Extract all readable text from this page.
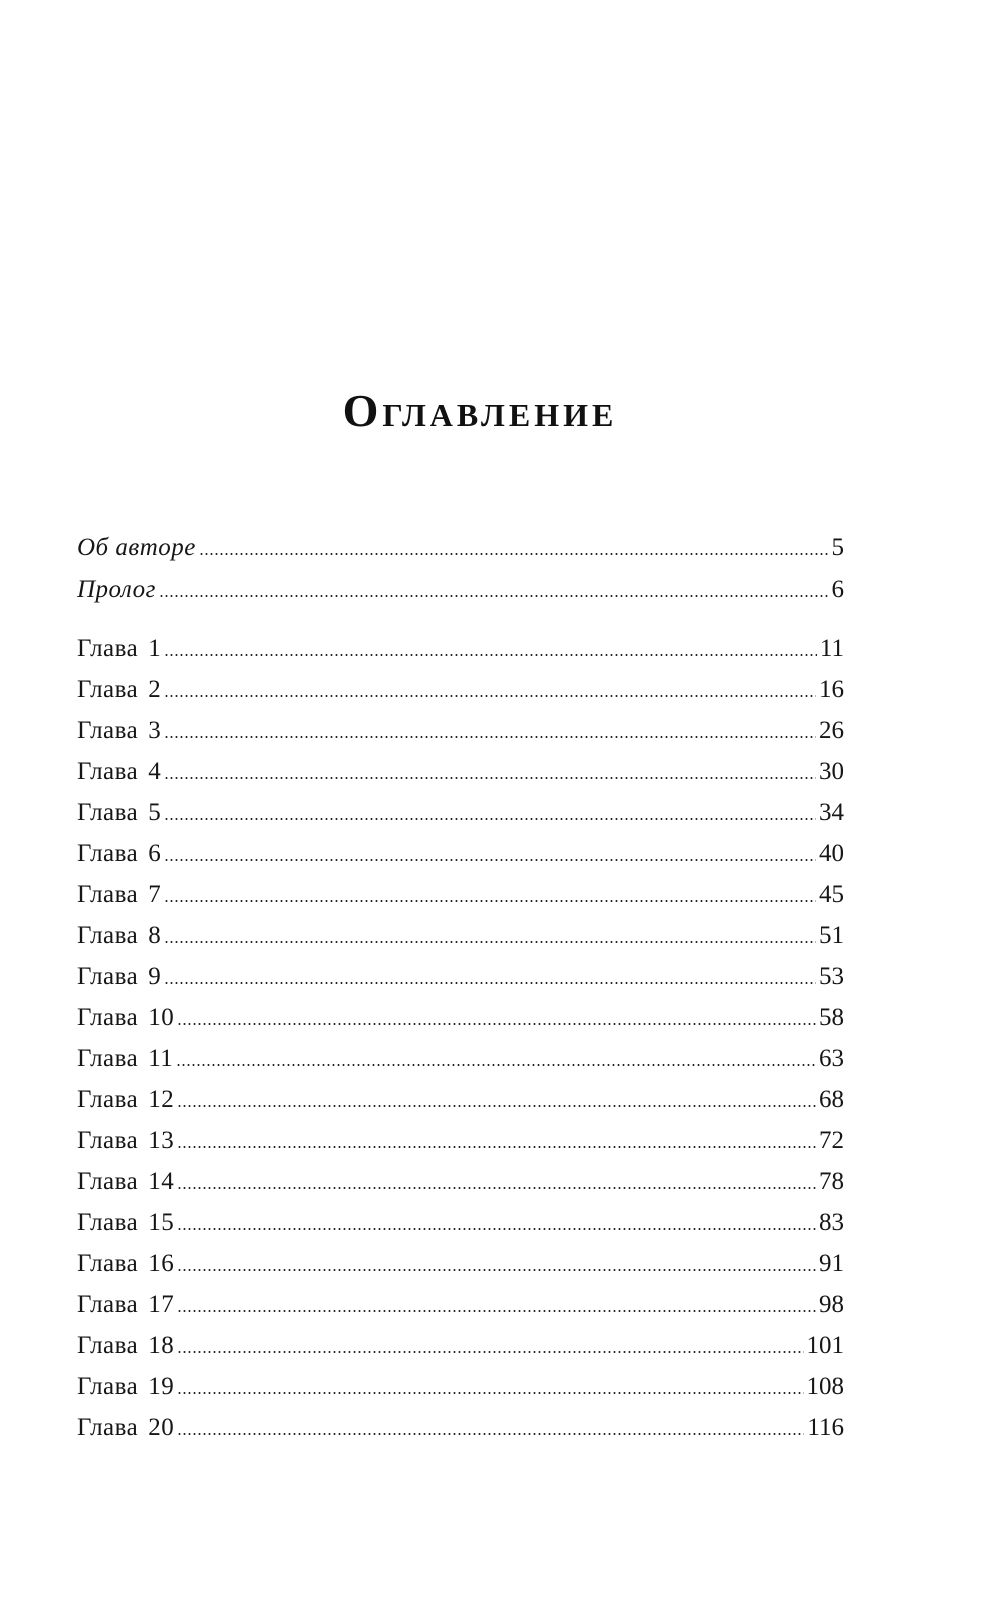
Оглавление
Об авторе	5
Пролог	6
Глава 1	11
Глава 2	16
Глава 3	26
Глава 4	30
Глава 5	34
Глава 6	40
Глава 7	45
Глава 8	51
Глава 9	53
Глава 10	58
Глава 11	63
Глава 12	68
Глава 13	72
Глава 14	78
Глава 15	83
Глава 16	91
Глава 17	98
Глава 18	101
Глава 19	108
Глава 20	116
